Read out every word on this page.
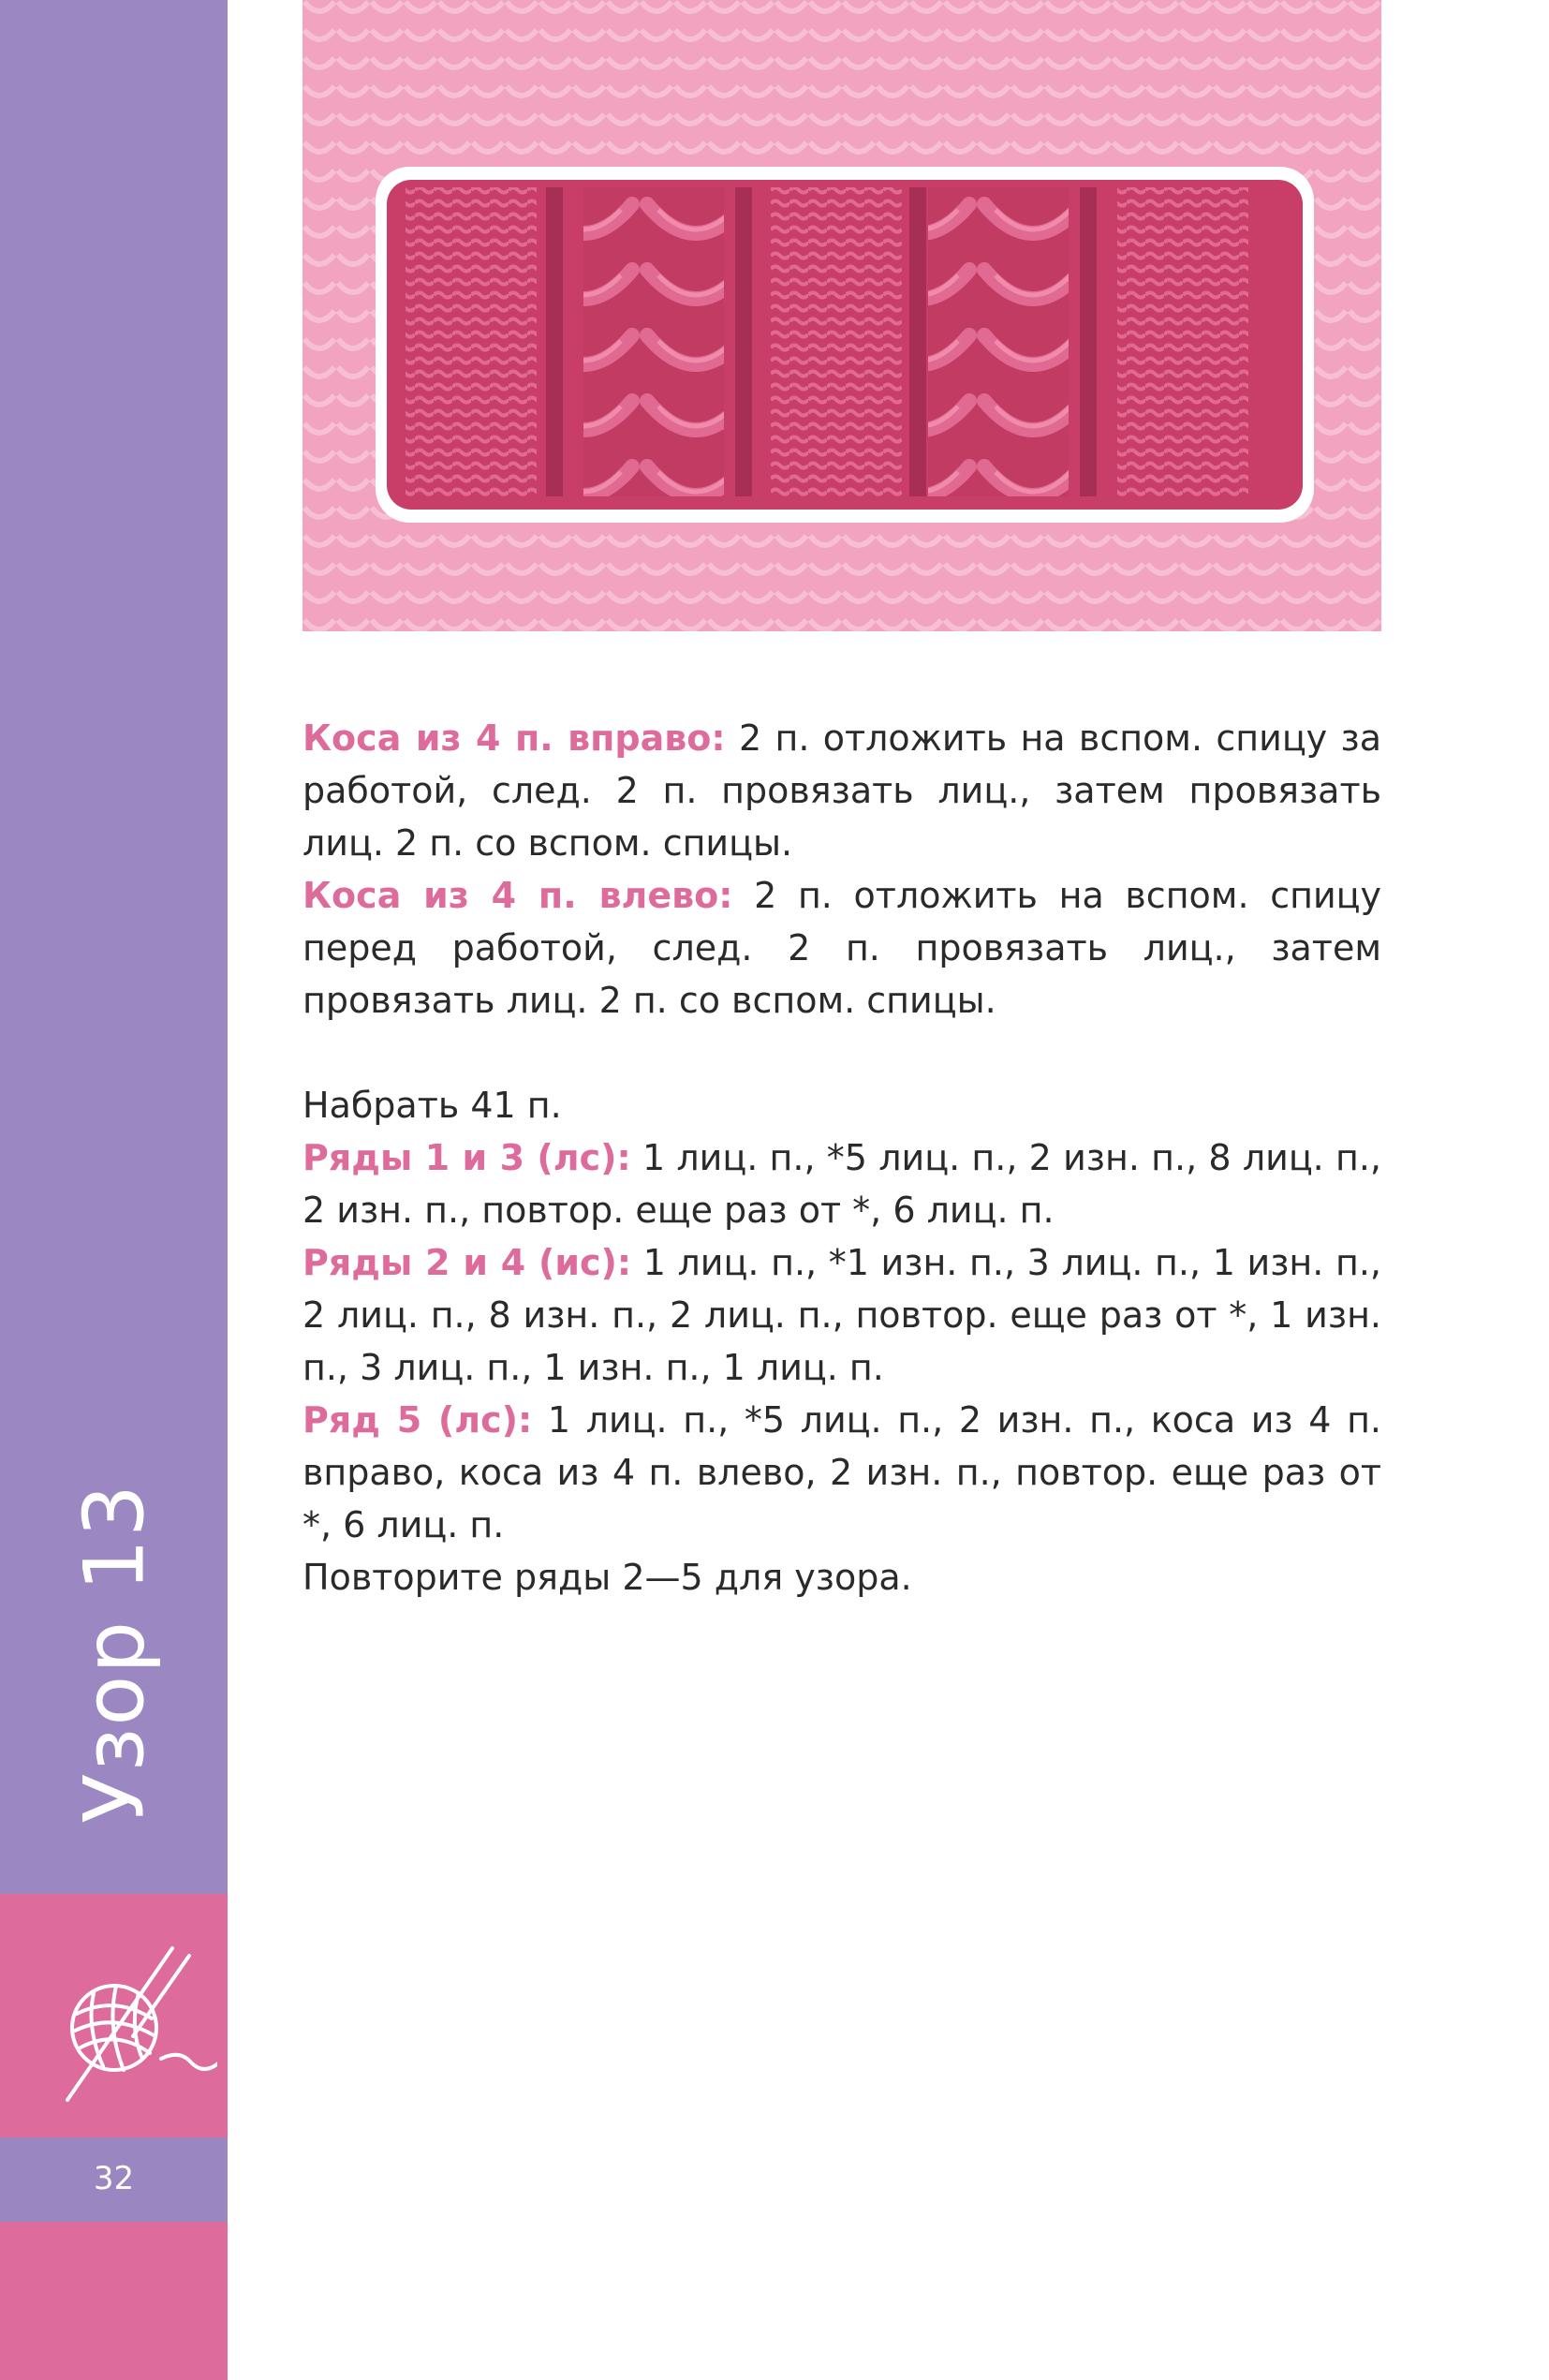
Узор 13
32

Коса из 4 п. вправо: 2 п. отложить на вспом. спицу за работой, след. 2 п. провязать лиц., затем провязать лиц. 2 п. со вспом. спицы.

Коса из 4 п. влево: 2 п. отложить на вспом. спицу перед работой, след. 2 п. провязать лиц., затем провязать лиц. 2 п. со вспом. спицы.

Набрать 41 п.

Ряды 1 и 3 (лс): 1 лиц. п., *5 лиц. п., 2 изн. п., 8 лиц. п., 2 изн. п., повтор. еще раз от *, 6 лиц. п.

Ряды 2 и 4 (ис): 1 лиц. п., *1 изн. п., 3 лиц. п., 1 изн. п., 2 лиц. п., 8 изн. п., 2 лиц. п., повтор. еще раз от *, 1 изн. п., 3 лиц. п., 1 изн. п., 1 лиц. п.

Ряд 5 (лс): 1 лиц. п., *5 лиц. п., 2 изн. п., коса из 4 п. вправо, коса из 4 п. влево, 2 изн. п., повтор. еще раз от *, 6 лиц. п.

Повторите ряды 2—5 для узора.
